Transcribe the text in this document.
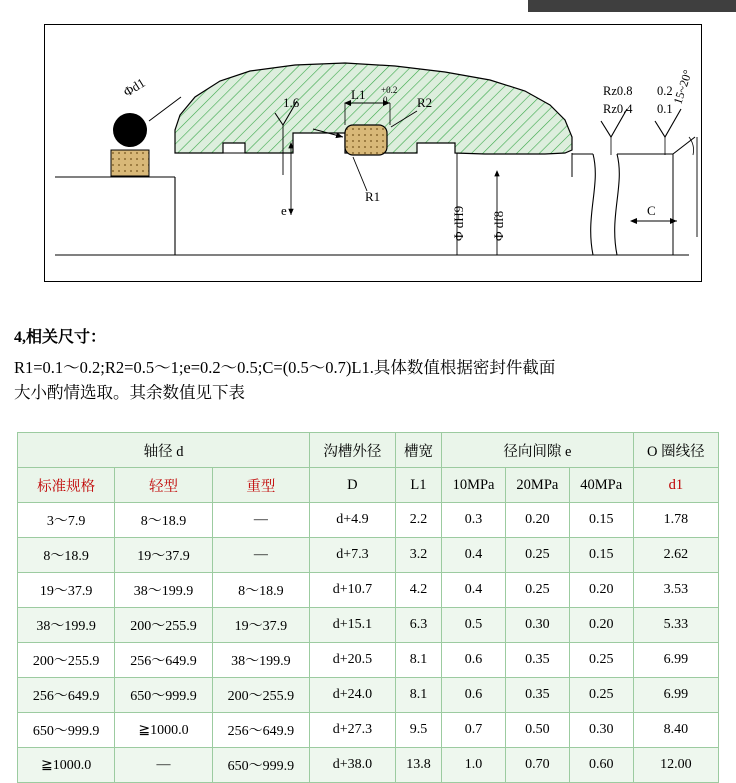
Φd1
1.6
L1 +0.2
0 R2
R1
e	Φ dH9 Φ df8
Rz0.8 0.2
Rz0.4 0.1
15~20°
C
4,相关尺寸：
R1=0.1～0.2;R2=0.5～1;e=0.2～0.5;C=(0.5～0.7)L1.具体数值根据密封件截面
大小酌情选取。其余数值见下表
轴径 d			沟槽外径	槽宽	径向间隙 e			O 圈线径
标准规格	轻型	重型	D	L1	10MPa	20MPa	40MPa	d1
3～7.9	8～18.9	—	d+4.9	2.2	0.3	0.20	0.15	1.78
8～18.9	19～37.9	—	d+7.3	3.2	0.4	0.25	0.15	2.62
19～37.9	38～199.9	8～18.9	d+10.7	4.2	0.4	0.25	0.20	3.53
38～199.9	200～255.9	19～37.9	d+15.1	6.3	0.5	0.30	0.20	5.33
200～255.9	256～649.9	38～199.9	d+20.5	8.1	0.6	0.35	0.25	6.99
256～649.9	650～999.9	200～255.9	d+24.0	8.1	0.6	0.35	0.25	6.99
650～999.9	≧1000.0	256～649.9	d+27.3	9.5	0.7	0.50	0.30	8.40
≧1000.0	—	650～999.9	d+38.0	13.8	1.0	0.70	0.60	12.00
